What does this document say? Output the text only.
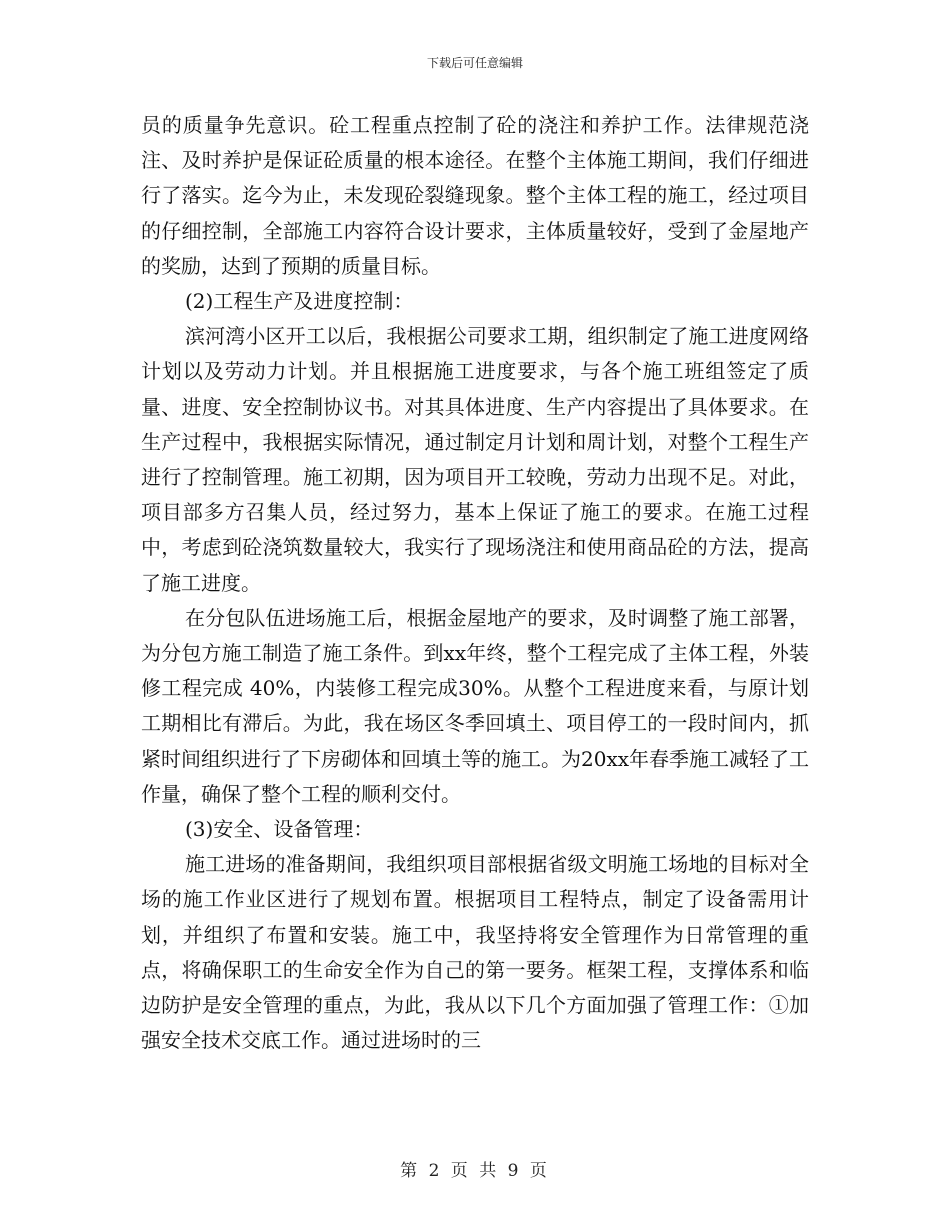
下载后可任意编辑

员的质量争先意识。砼工程重点控制了砼的浇注和养护工作。法律规范浇注、及时养护是保证砼质量的根本途径。在整个主体施工期间，我们仔细进行了落实。迄今为止，未发现砼裂缝现象。整个主体工程的施工，经过项目的仔细控制，全部施工内容符合设计要求，主体质量较好，受到了金屋地产的奖励，达到了预期的质量目标。

(2)工程生产及进度控制：

滨河湾小区开工以后，我根据公司要求工期，组织制定了施工进度网络计划以及劳动力计划。并且根据施工进度要求，与各个施工班组签定了质量、进度、安全控制协议书。对其具体进度、生产内容提出了具体要求。在生产过程中，我根据实际情况，通过制定月计划和周计划，对整个工程生产进行了控制管理。施工初期，因为项目开工较晚，劳动力出现不足。对此，项目部多方召集人员，经过努力，基本上保证了施工的要求。在施工过程中，考虑到砼浇筑数量较大，我实行了现场浇注和使用商品砼的方法，提高了施工进度。

在分包队伍进场施工后，根据金屋地产的要求，及时调整了施工部署，为分包方施工制造了施工条件。到xx年终，整个工程完成了主体工程，外装修工程完成 40%，内装修工程完成30%。从整个工程进度来看，与原计划工期相比有滞后。为此，我在场区冬季回填土、项目停工的一段时间内，抓紧时间组织进行了下房砌体和回填土等的施工。为20xx年春季施工减轻了工作量，确保了整个工程的顺利交付。

(3)安全、设备管理：

施工进场的准备期间，我组织项目部根据省级文明施工场地的目标对全场的施工作业区进行了规划布置。根据项目工程特点，制定了设备需用计划，并组织了布置和安装。施工中，我坚持将安全管理作为日常管理的重点，将确保职工的生命安全作为自己的第一要务。框架工程，支撑体系和临边防护是安全管理的重点，为此，我从以下几个方面加强了管理工作：①加强安全技术交底工作。通过进场时的三

第 2 页 共 9 页
